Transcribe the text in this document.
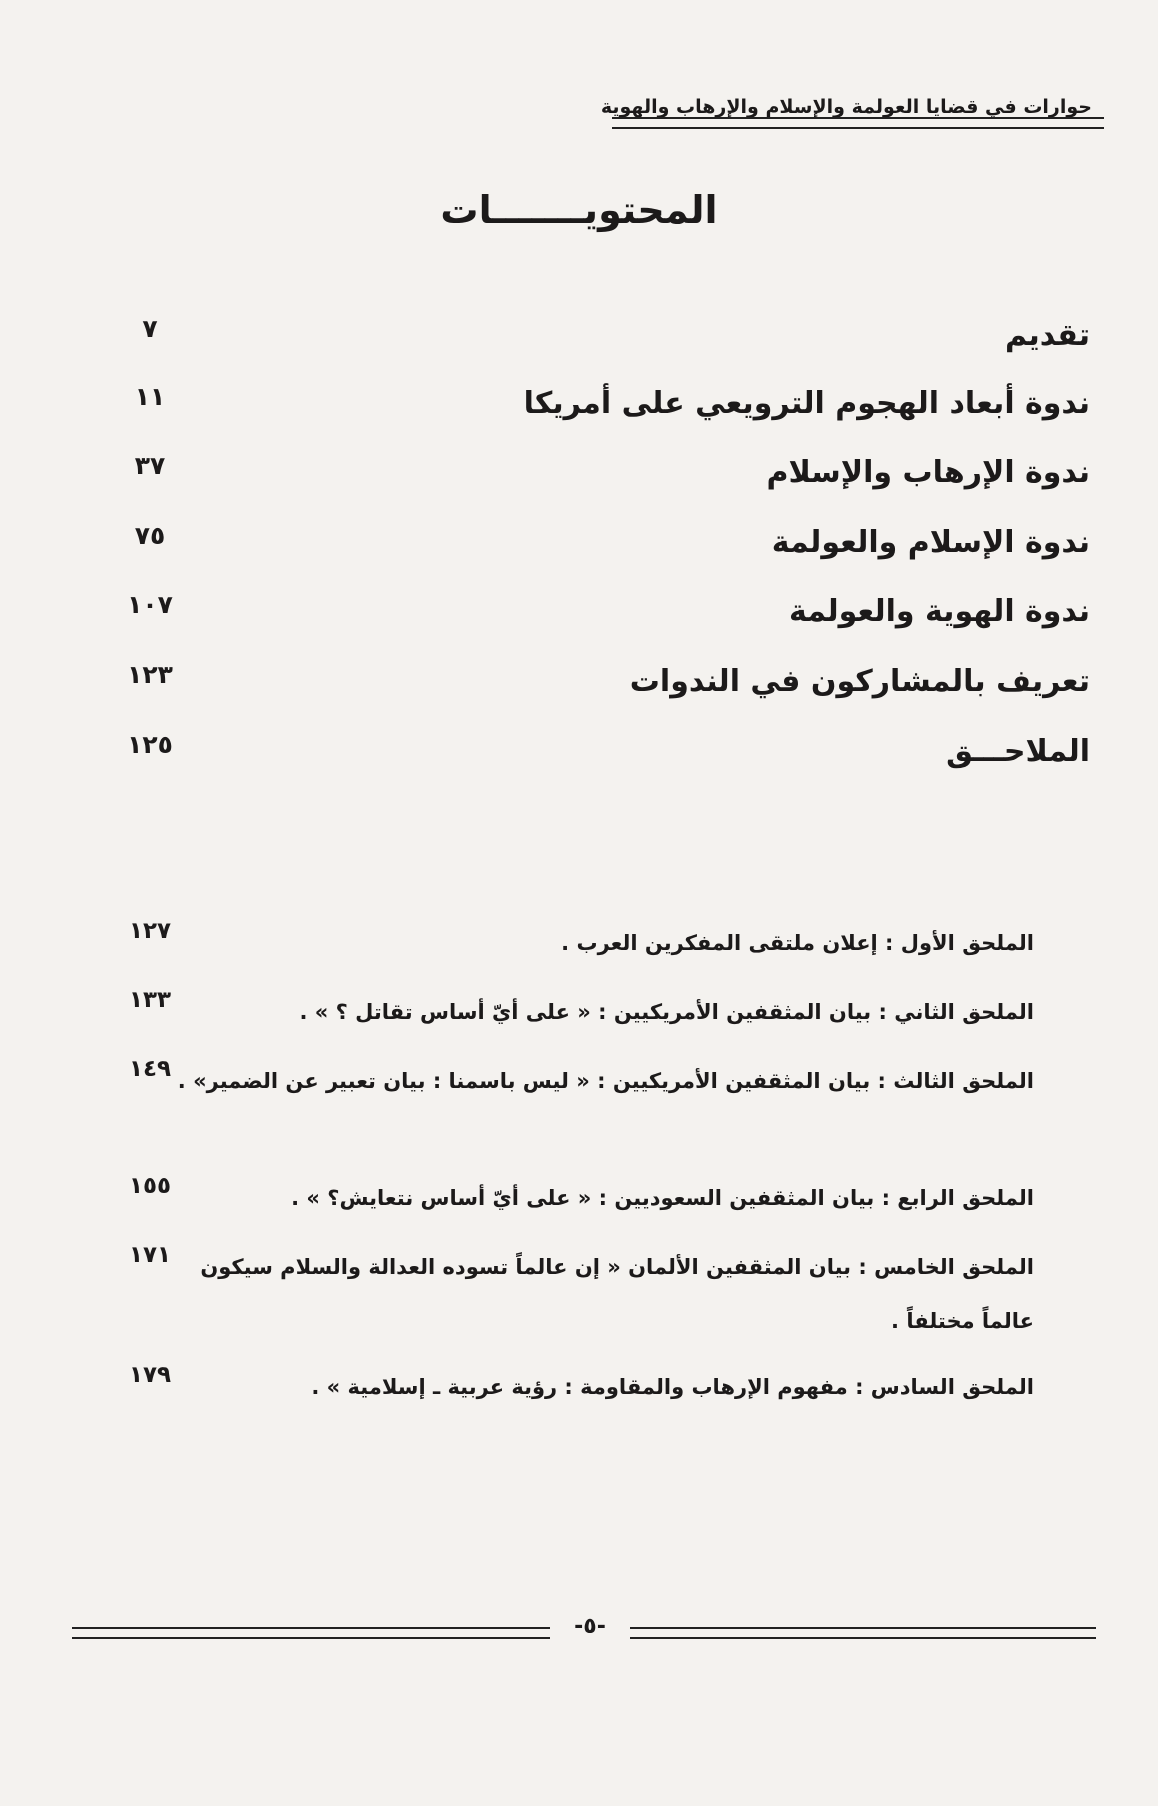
حوارات في قضايا العولمة والإسلام والإرهاب والهوية
المحتويـــــــات
تقديم
٧
ندوة أبعاد الهجوم الترويعي على أمريكا
١١
ندوة الإرهاب والإسلام
٣٧
ندوة الإسلام والعولمة
٧٥
ندوة الهوية والعولمة
١٠٧
تعريف بالمشاركون في الندوات
١٢٣
الملاحـــق
١٢٥
الملحق الأول : إعلان ملتقى المفكرين العرب .
١٢٧
الملحق الثاني : بيان المثقفين الأمريكيين : « على أيّ أساس تقاتل ؟ » .
١٣٣
الملحق الثالث : بيان المثقفين الأمريكيين : « ليس باسمنا : بيان تعبير عن الضمير» .
١٤٩
الملحق الرابع : بيان المثقفين السعوديين : « على أيّ أساس نتعايش؟ » .
١٥٥
الملحق الخامس : بيان المثقفين الألمان « إن عالماً تسوده العدالة والسلام سيكون عالماً مختلفاً .
١٧١
الملحق السادس : مفهوم الإرهاب والمقاومة : رؤية عربية ـ إسلامية » .
١٧٩
-٥-
